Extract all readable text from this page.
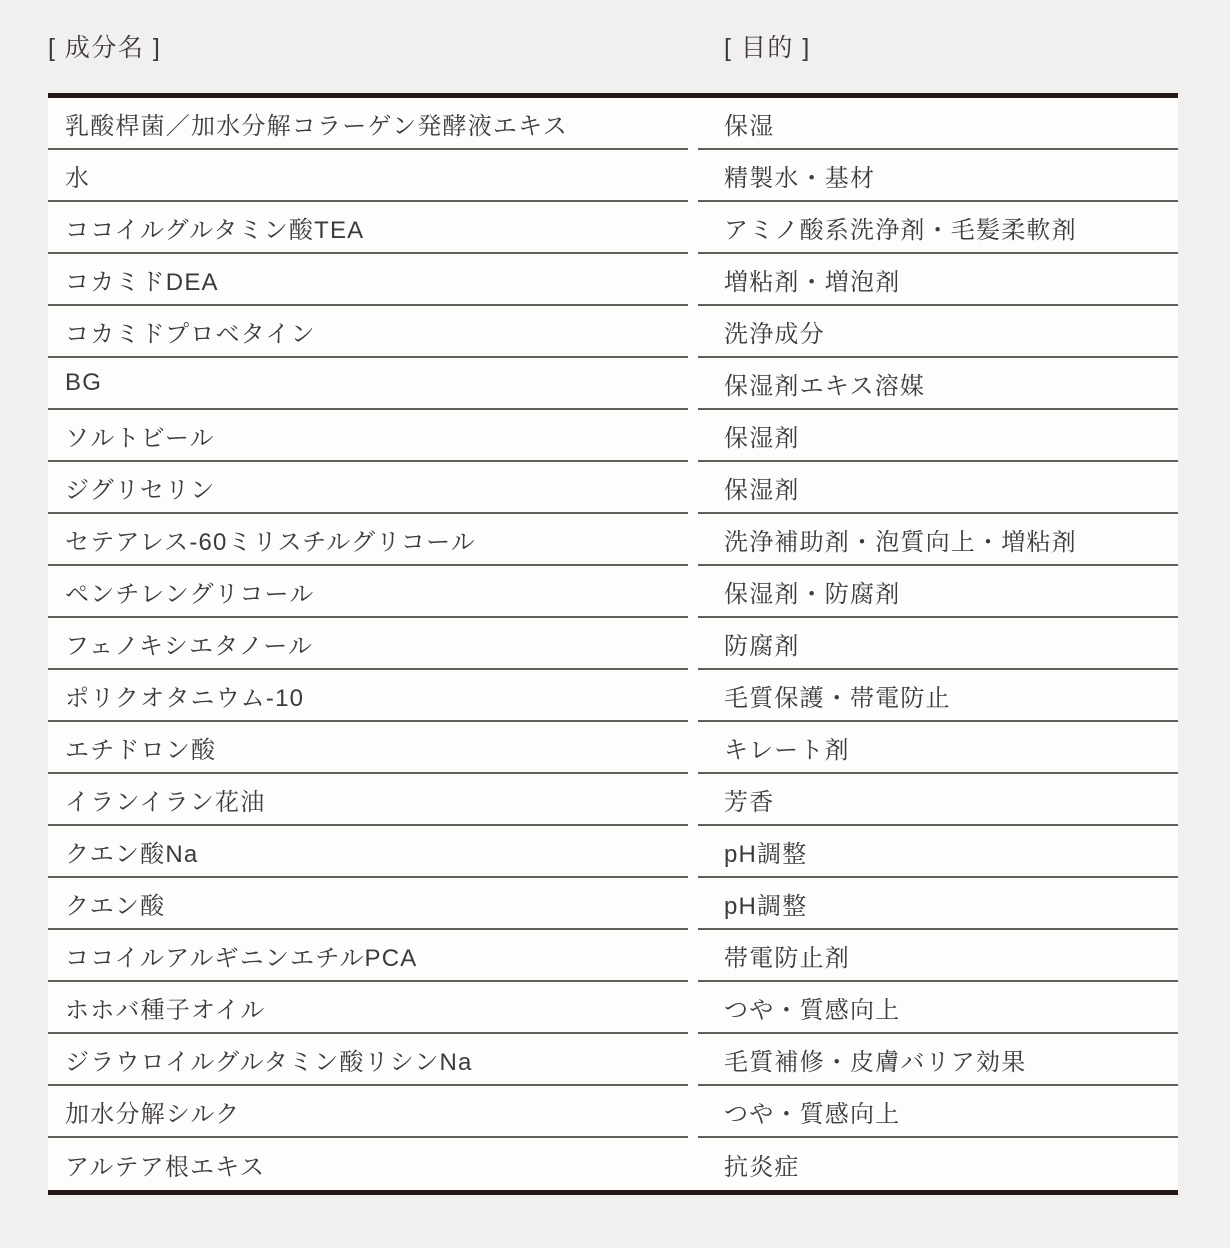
[ 成分名 ]	[ 目的 ]
乳酸桿菌／加水分解コラーゲン発酵液エキス	保湿
水	精製水・基材
ココイルグルタミン酸TEA	アミノ酸系洗浄剤・毛髪柔軟剤
コカミドDEA	増粘剤・増泡剤
コカミドプロベタイン	洗浄成分
BG	保湿剤エキス溶媒
ソルトビール	保湿剤
ジグリセリン	保湿剤
セテアレス-60ミリスチルグリコール	洗浄補助剤・泡質向上・増粘剤
ペンチレングリコール	保湿剤・防腐剤
フェノキシエタノール	防腐剤
ポリクオタニウム-10	毛質保護・帯電防止
エチドロン酸	キレート剤
イランイラン花油	芳香
クエン酸Na	pH調整
クエン酸	pH調整
ココイルアルギニンエチルPCA	帯電防止剤
ホホバ種子オイル	つや・質感向上
ジラウロイルグルタミン酸リシンNa	毛質補修・皮膚バリア効果
加水分解シルク	つや・質感向上
アルテア根エキス	抗炎症
